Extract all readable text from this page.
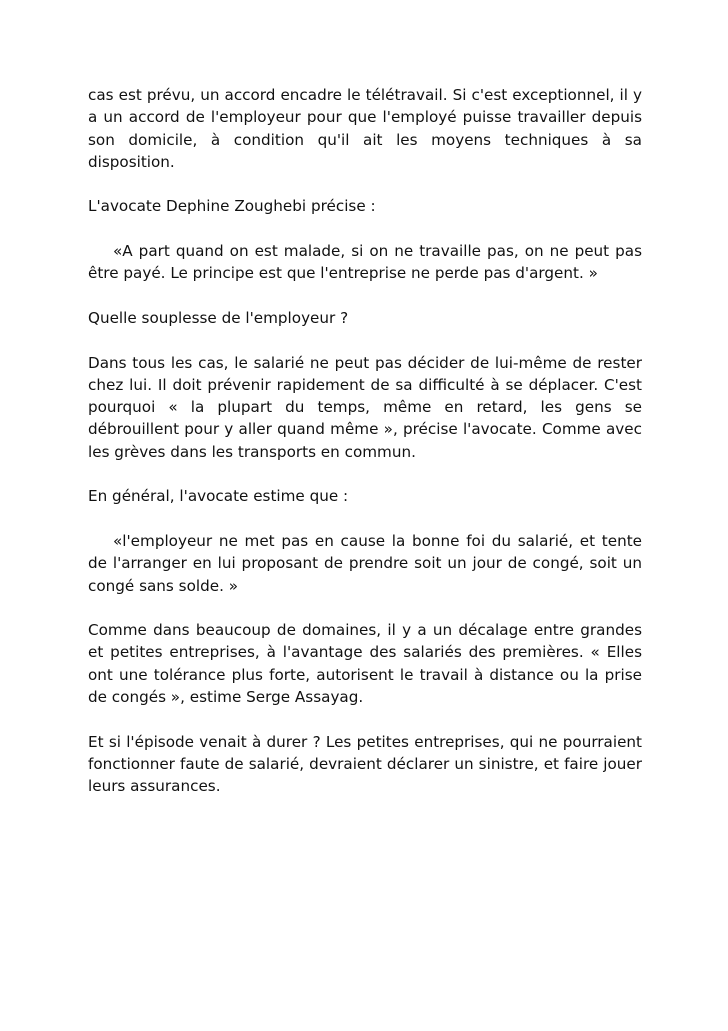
cas est prévu, un accord encadre le télétravail. Si c'est exceptionnel, il y a un accord de l'employeur pour que l'employé puisse travailler depuis son domicile, à condition qu'il ait les moyens techniques à sa disposition.

L'avocate Dephine Zoughebi précise :

«A part quand on est malade, si on ne travaille pas, on ne peut pas être payé. Le principe est que l'entreprise ne perde pas d'argent. »

Quelle souplesse de l'employeur ?

Dans tous les cas, le salarié ne peut pas décider de lui-même de rester chez lui. Il doit prévenir rapidement de sa difficulté à se déplacer. C'est pourquoi « la plupart du temps, même en retard, les gens se débrouillent pour y aller quand même », précise l'avocate. Comme avec les grèves dans les transports en commun.

En général, l'avocate estime que :

«l'employeur ne met pas en cause la bonne foi du salarié, et tente de l'arranger en lui proposant de prendre soit un jour de congé, soit un congé sans solde. »

Comme dans beaucoup de domaines, il y a un décalage entre grandes et petites entreprises, à l'avantage des salariés des premières. « Elles ont une tolérance plus forte, autorisent le travail à distance ou la prise de congés », estime Serge Assayag.

Et si l'épisode venait à durer ? Les petites entreprises, qui ne pourraient fonctionner faute de salarié, devraient déclarer un sinistre, et faire jouer leurs assurances.
